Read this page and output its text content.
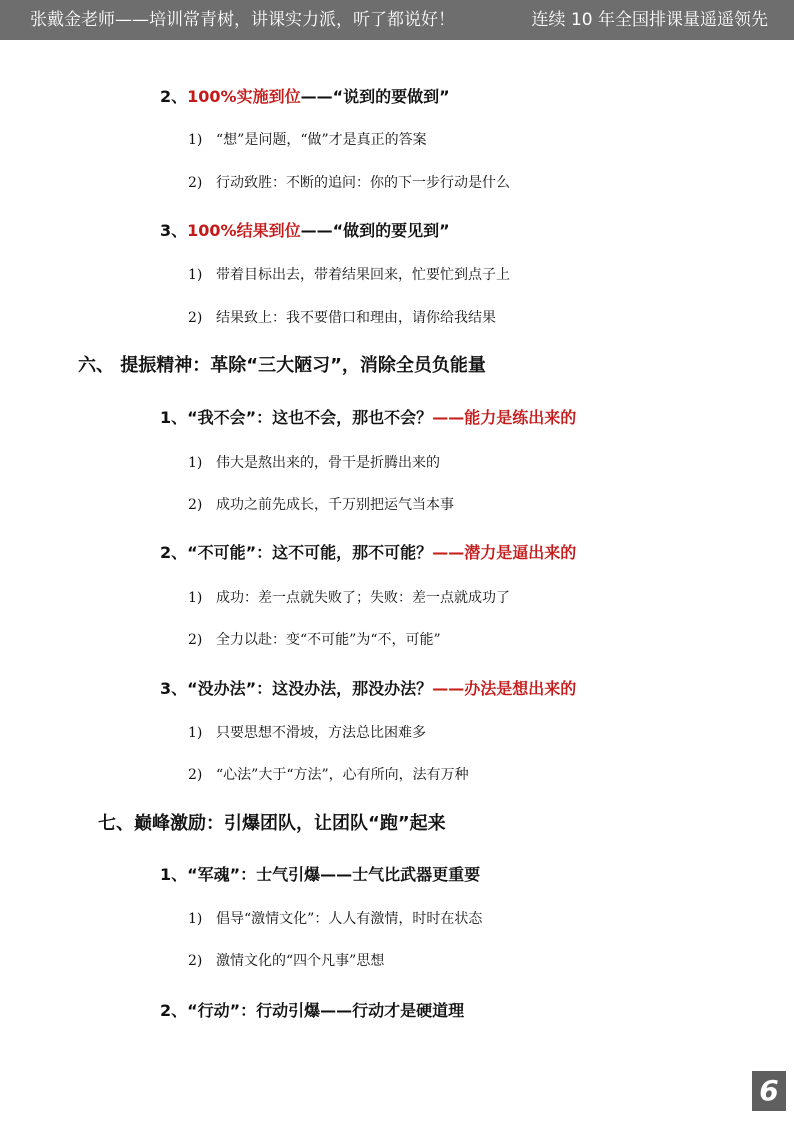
张戴金老师——培训常青树，讲课实力派，听了都说好！	连续 10 年全国排课量遥遥领先
2、100%实施到位——“说到的要做到”
1) “想”是问题，“做”才是真正的答案
2) 行动致胜：不断的追问：你的下一步行动是什么
3、100%结果到位——“做到的要见到”
1) 带着目标出去，带着结果回来，忙要忙到点子上
2) 结果致上：我不要借口和理由，请你给我结果
六、 提振精神：革除“三大陋习”，消除全员负能量
1、“我不会”：这也不会，那也不会？——能力是练出来的
1) 伟大是熬出来的，骨干是折腾出来的
2) 成功之前先成长，千万别把运气当本事
2、“不可能”：这不可能，那不可能？——潜力是逼出来的
1) 成功：差一点就失败了；失败：差一点就成功了
2) 全力以赴：变“不可能”为“不，可能”
3、“没办法”：这没办法，那没办法？——办法是想出来的
1) 只要思想不滑坡，方法总比困难多
2) “心法”大于“方法”，心有所向，法有万种
七、巅峰激励：引爆团队，让团队“跑”起来
1、“军魂”：士气引爆——士气比武器更重要
1) 倡导“激情文化”：人人有激情，时时在状态
2) 激情文化的“四个凡事”思想
2、“行动”：行动引爆——行动才是硬道理
6
